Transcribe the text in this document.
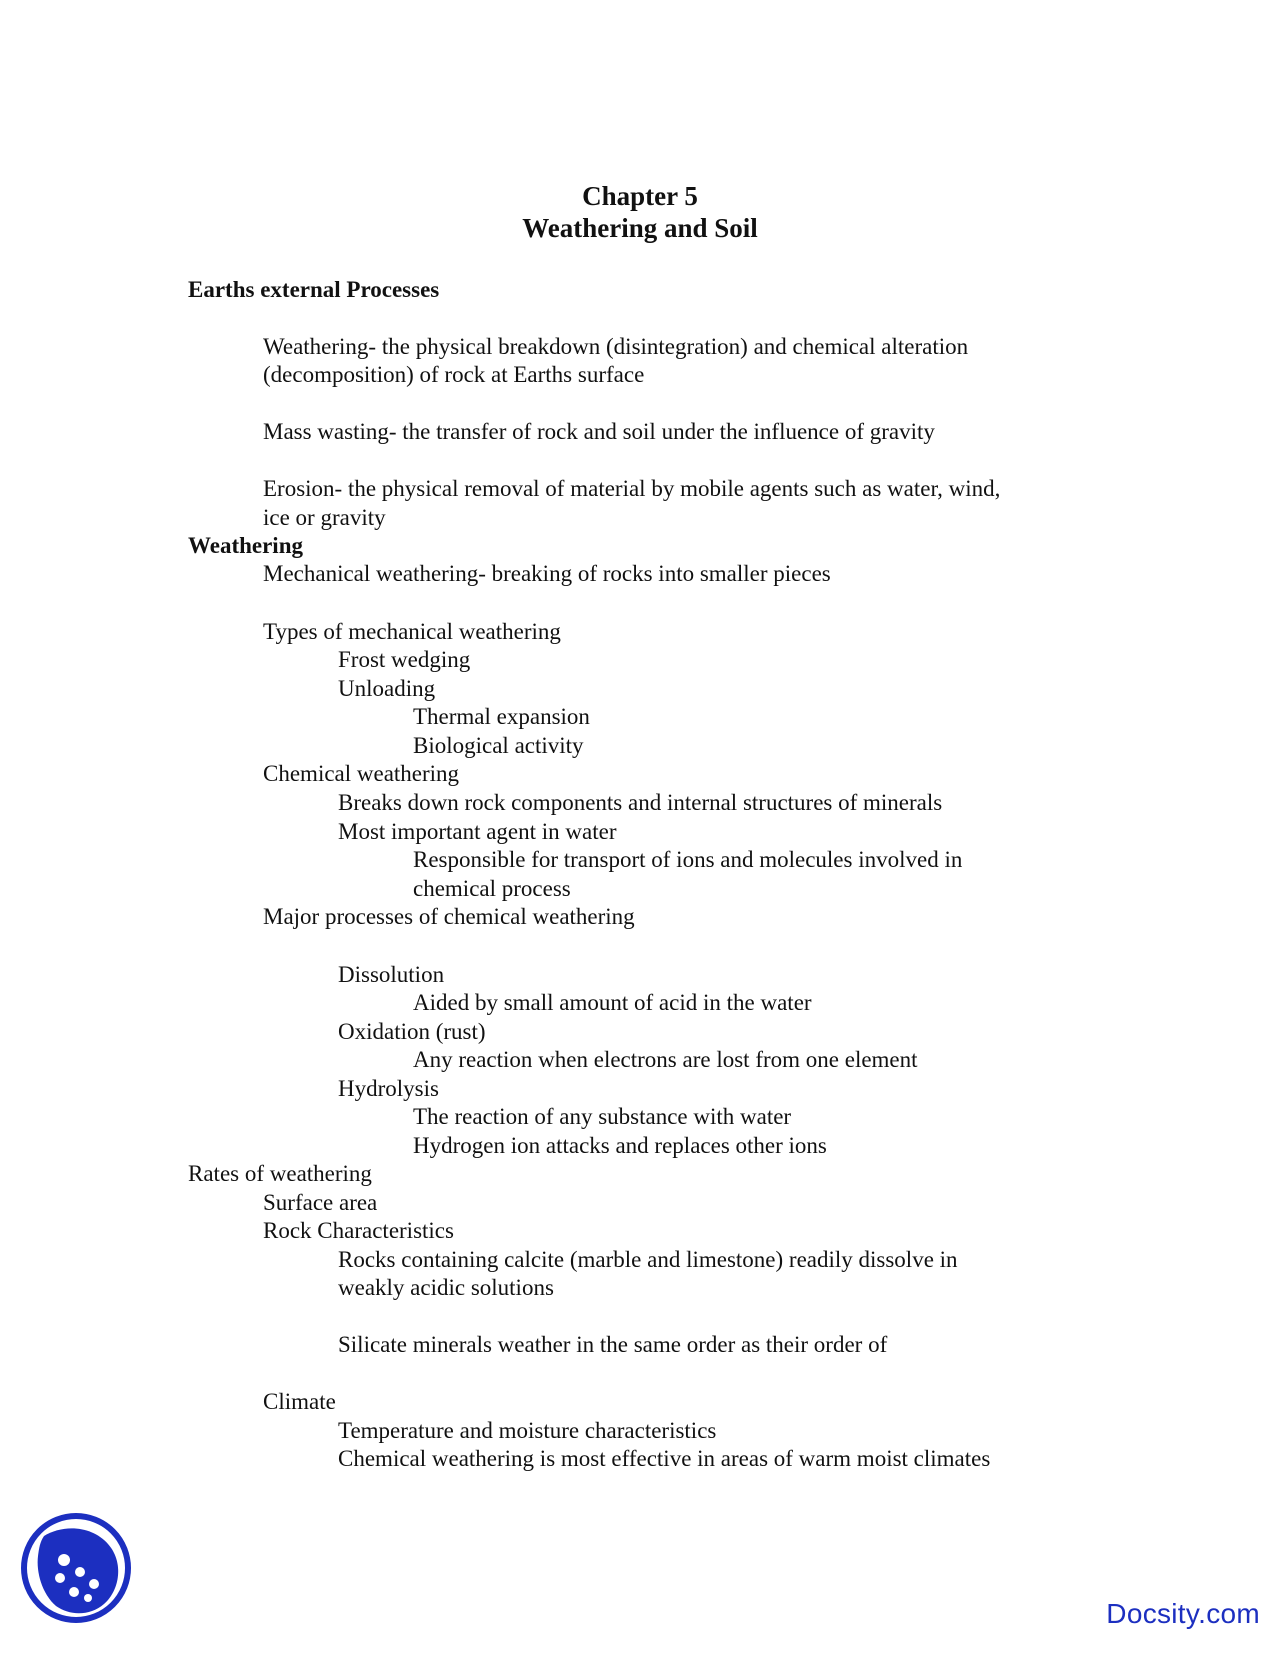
Chapter 5
Weathering and Soil
Earths external Processes
Weathering- the physical breakdown (disintegration) and chemical alteration
(decomposition) of rock at Earths surface
Mass wasting- the transfer of rock and soil under the influence of gravity
Erosion- the physical removal of material by mobile agents such as water, wind,
ice or gravity
Weathering
Mechanical weathering- breaking of rocks into smaller pieces
Types of mechanical weathering
Frost wedging
Unloading
Thermal expansion
Biological activity
Chemical weathering
Breaks down rock components and internal structures of minerals
Most important agent in water
Responsible for transport of ions and molecules involved in
chemical process
Major processes of chemical weathering
Dissolution
Aided by small amount of acid in the water
Oxidation (rust)
Any reaction when electrons are lost from one element
Hydrolysis
The reaction of any substance with water
Hydrogen ion attacks and replaces other ions
Rates of weathering
Surface area
Rock Characteristics
Rocks containing calcite (marble and limestone) readily dissolve in
weakly acidic solutions
Silicate minerals weather in the same order as their order of
Climate
Temperature and moisture characteristics
Chemical weathering is most effective in areas of warm moist climates
Docsity.com
